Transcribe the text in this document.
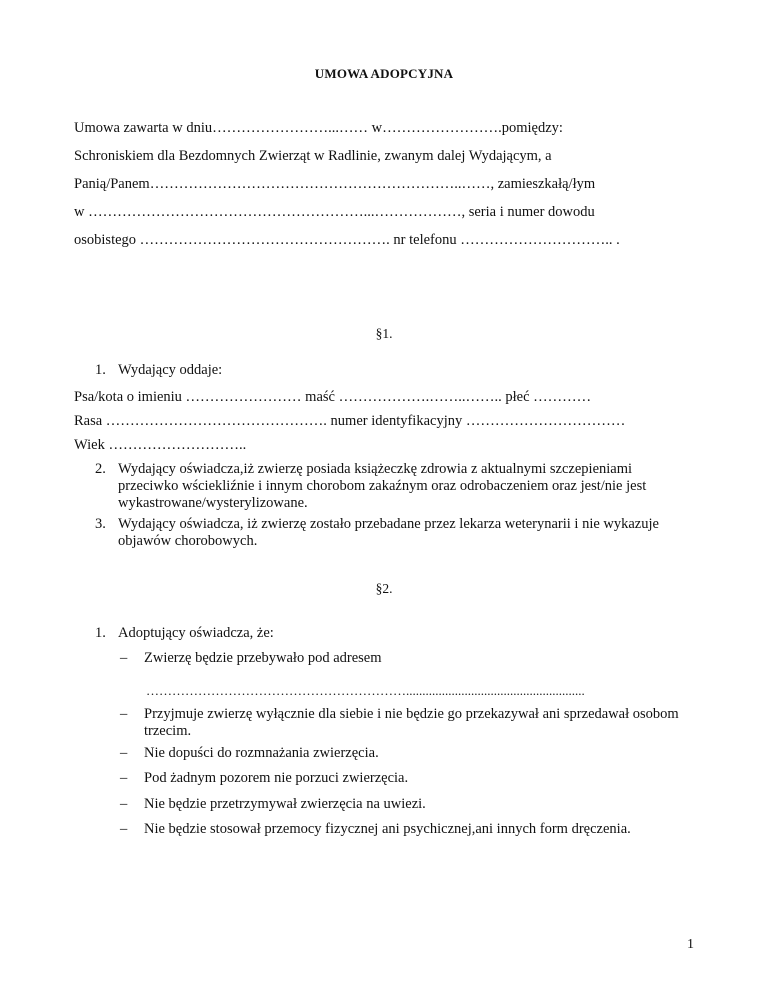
UMOWA ADOPCYJNA
Umowa zawarta w dniu……………………...…… w…………………….pomiędzy:
Schroniskiem dla Bezdomnych Zwierząt w Radlinie, zwanym dalej Wydającym, a
Panią/Panem………………………………………………………..……, zamieszkałą/łym
w …………………………………………………...………………, seria i numer dowodu
osobistego ……………………………………………. nr telefonu ………………………….. .
§1.
1. Wydający oddaje:
Psa/kota o imieniu …………………… maść ……………….……..…….. płeć …………
Rasa ………………………………………. numer identyfikacyjny ……………………………
Wiek ………………………..
2. Wydający oświadcza,iż zwierzę posiada książeczkę zdrowia z aktualnymi szczepieniami przeciwko wściekliźnie i innym chorobom zakaźnym oraz odrobaczeniem oraz jest/nie jest wykastrowane/wysterylizowane.
3. Wydający oświadcza, iż zwierzę zostało przebadane przez lekarza weterynarii i nie wykazuje objawów chorobowych.
§2.
1. Adoptujący oświadcza, że:
– Zwierzę będzie przebywało pod adresem
…………………………………………………….......................................................
– Przyjmuje zwierzę wyłącznie dla siebie i nie będzie go przekazywał ani sprzedawał osobom trzecim.
– Nie dopuści do rozmnażania zwierzęcia.
– Pod żadnym pozorem nie porzuci zwierzęcia.
– Nie będzie przetrzymywał zwierzęcia na uwiezi.
– Nie będzie stosował przemocy fizycznej ani psychicznej,ani innych form dręczenia.
1
